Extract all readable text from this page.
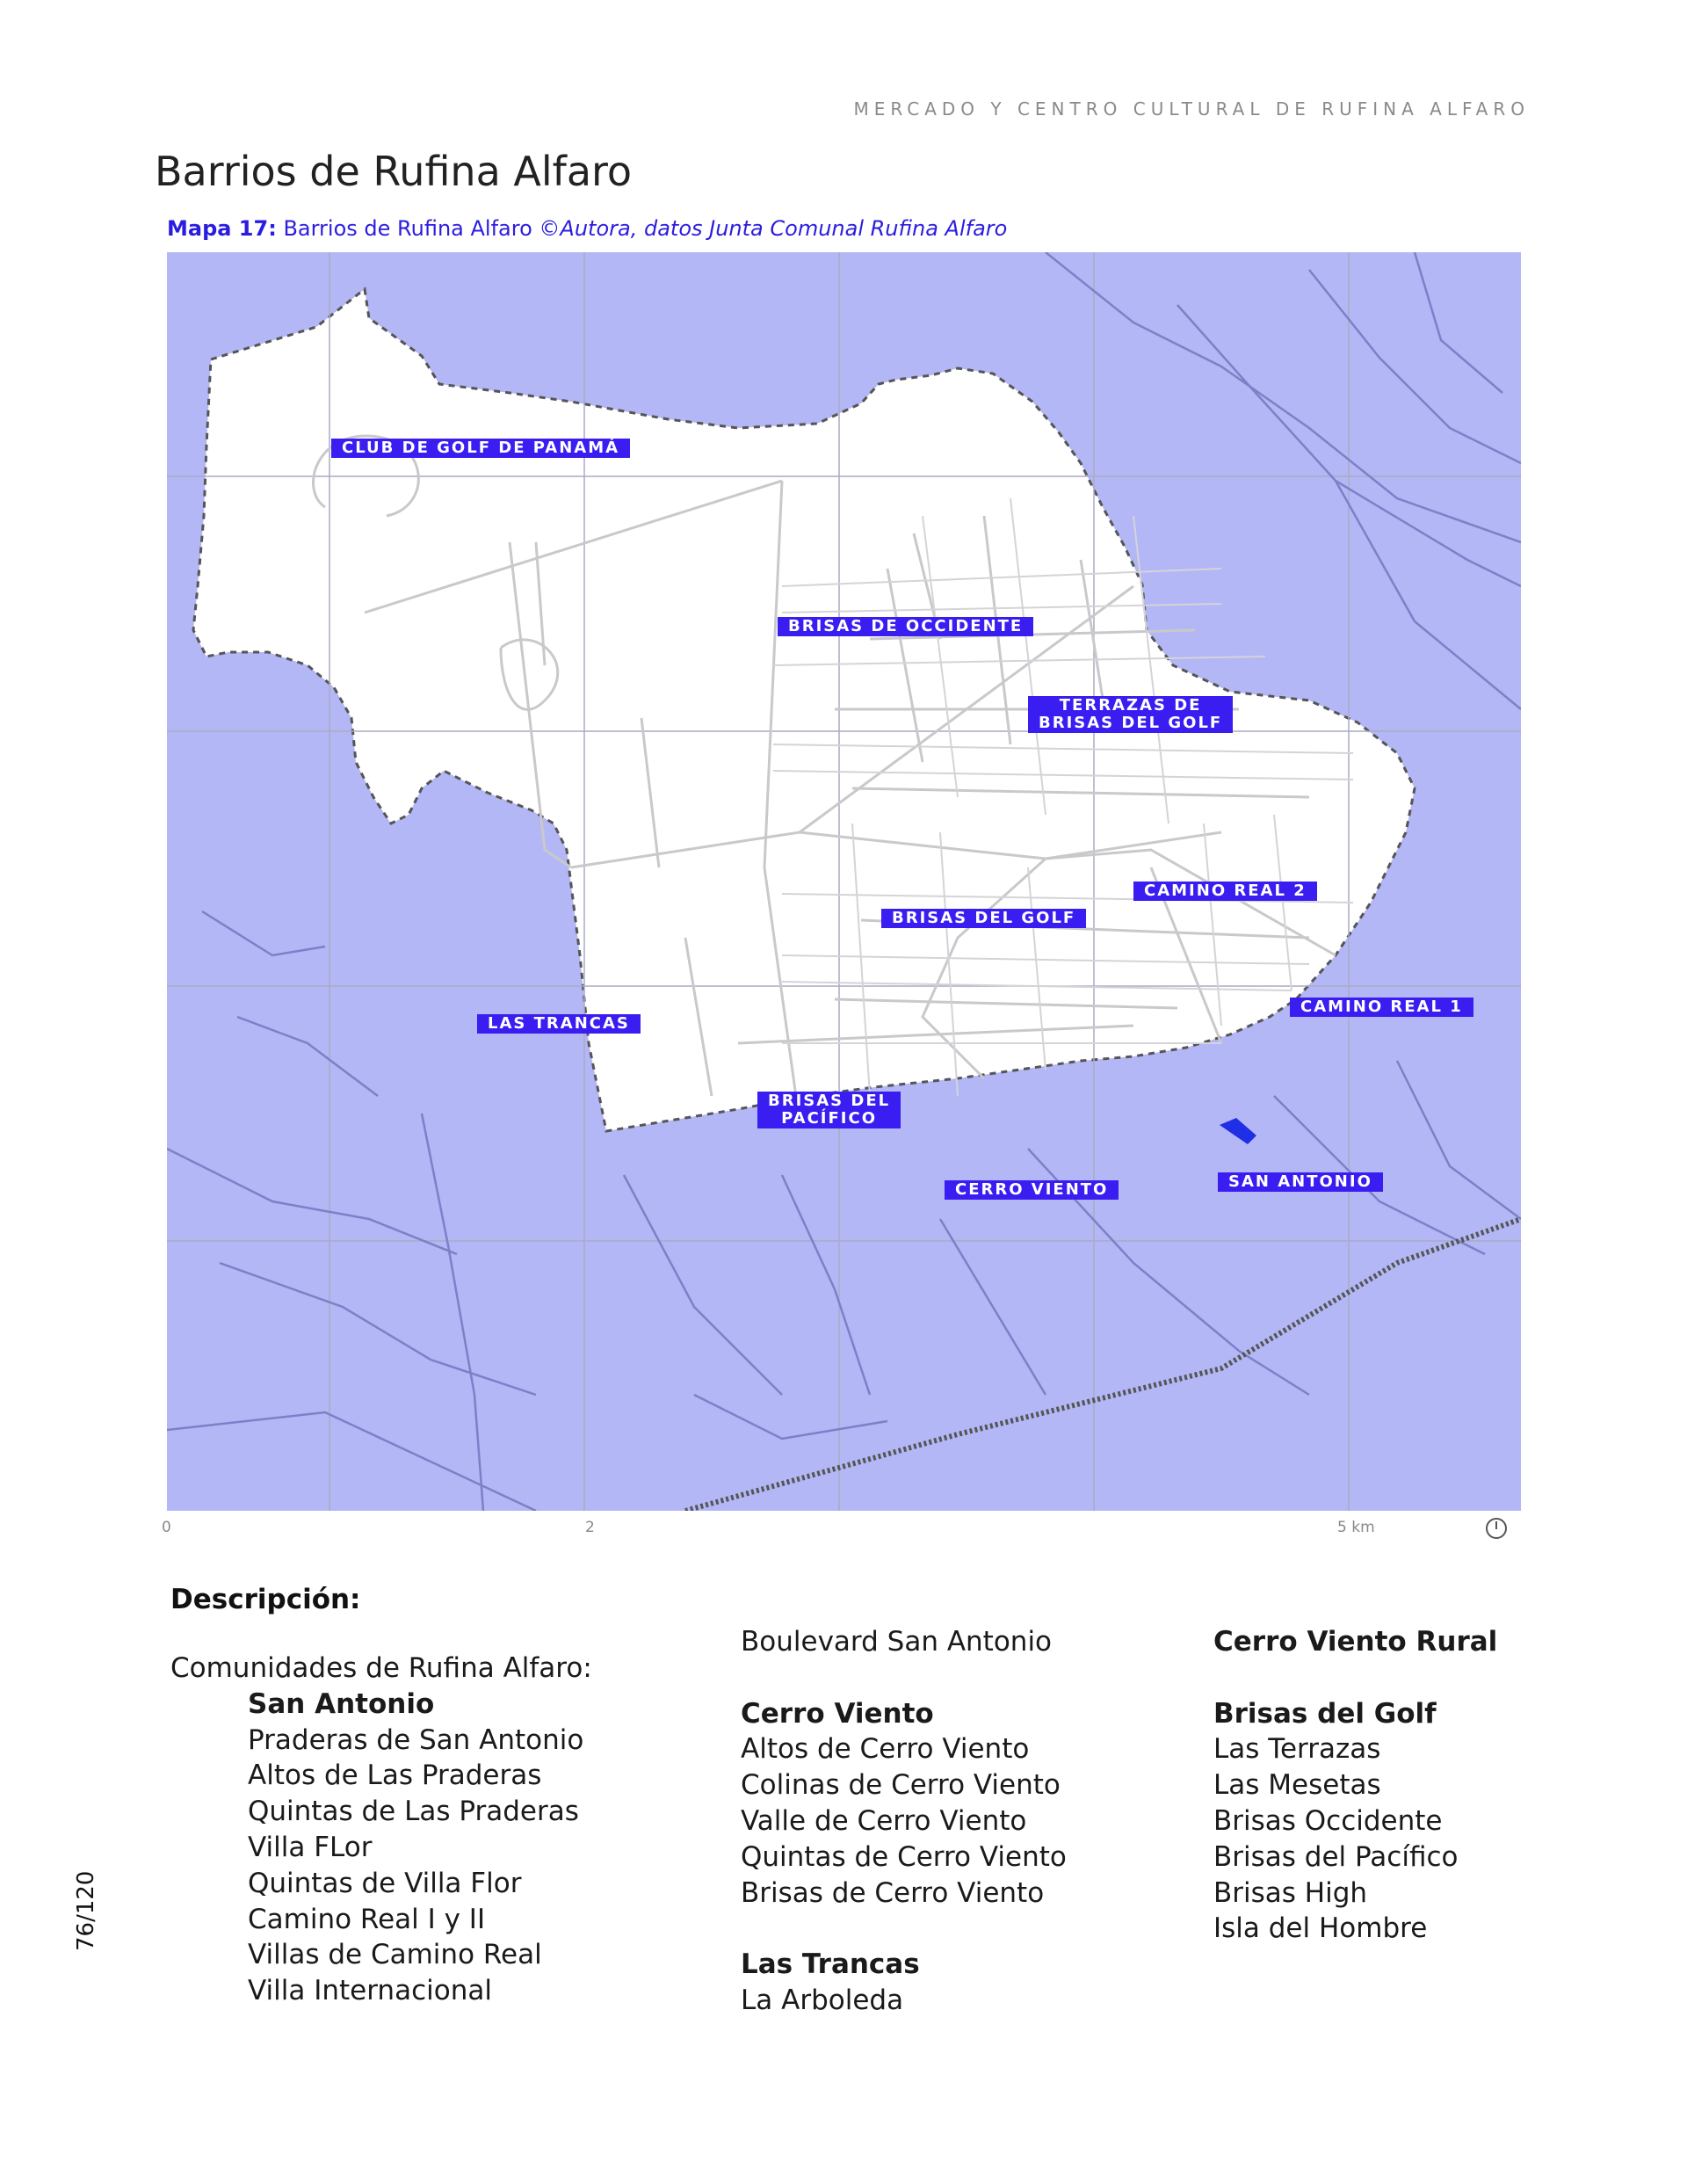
MERCADO Y CENTRO CULTURAL DE RUFINA ALFARO
Barrios de Rufina Alfaro
Mapa 17: Barrios de Rufina Alfaro ©Autora, datos Junta Comunal Rufina Alfaro
CLUB DE GOLF DE PANAMÁ
BRISAS DE OCCIDENTE
TERRAZAS DE
BRISAS DEL GOLF
CAMINO REAL 2
BRISAS DEL GOLF
CAMINO REAL 1
LAS TRANCAS
BRISAS DEL
PACÍFICO
CERRO VIENTO	SAN ANTONIO
0	2	5 km
Descripción:
Comunidades de Rufina Alfaro:
San Antonio
Praderas de San Antonio
Altos de Las Praderas
Quintas de Las Praderas
Villa FLor
Quintas de Villa Flor
Camino Real I y II
Villas de Camino Real
Villa Internacional
Boulevard San Antonio
Cerro Viento
Altos de Cerro Viento
Colinas de Cerro Viento
Valle de Cerro Viento
Quintas de Cerro Viento
Brisas de Cerro Viento
Las Trancas
La Arboleda
Cerro Viento Rural
Brisas del Golf
Las Terrazas
Las Mesetas
Brisas Occidente
Brisas del Pacífico
Brisas High
Isla del Hombre
76/120
